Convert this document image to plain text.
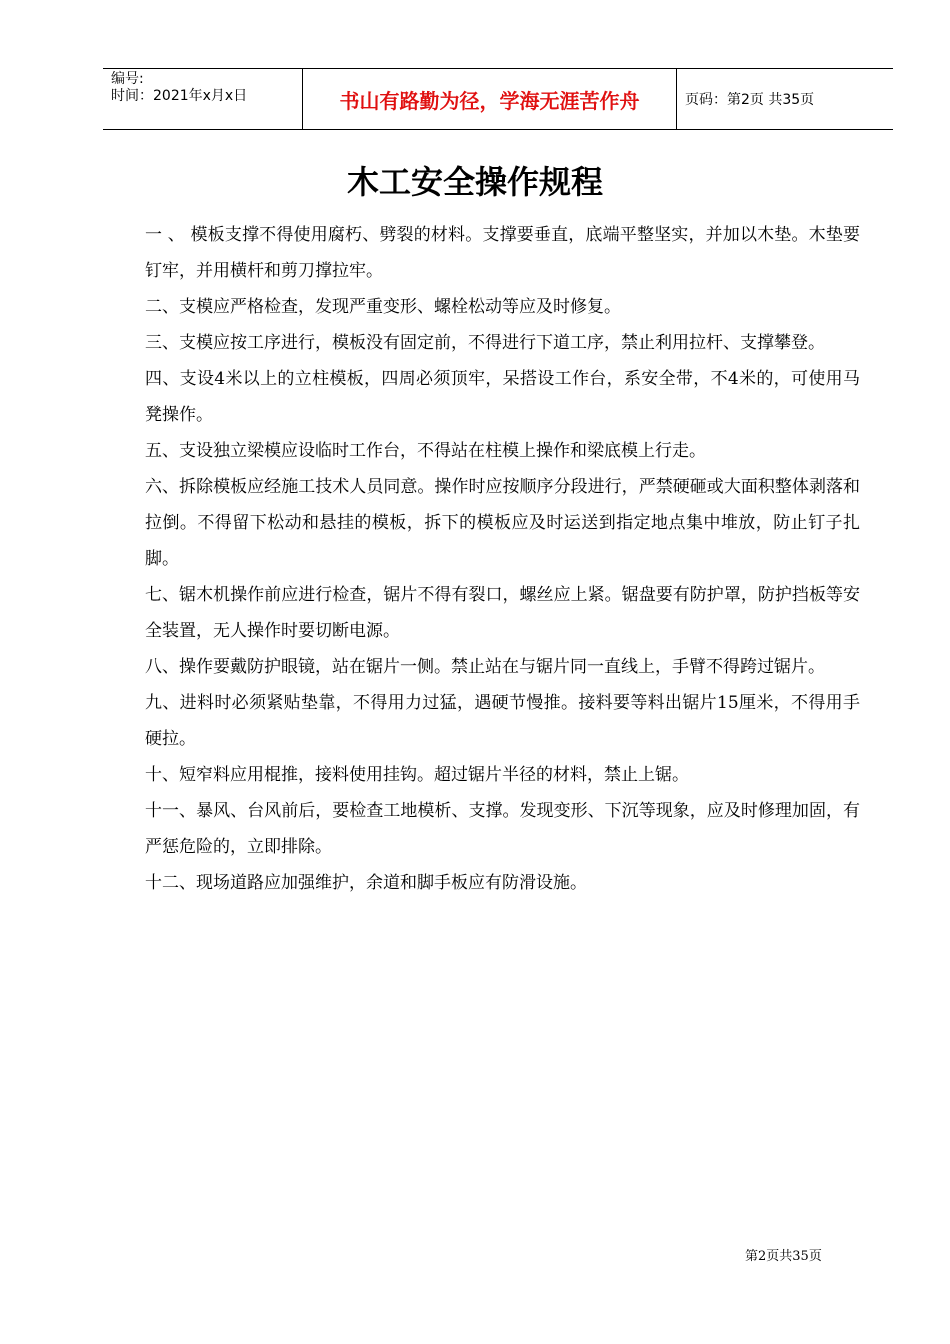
编号:
时间：2021年x月x日	书山有路勤为径，学海无涯苦作舟	页码：第2页 共35页
木工安全操作规程

一 、 模板支撑不得使用腐朽、劈裂的材料。支撑要垂直，底端平整坚实，并加以木垫。木垫要钉牢，并用横杆和剪刀撑拉牢。

二、支模应严格检查，发现严重变形、螺栓松动等应及时修复。

三、支模应按工序进行，模板没有固定前，不得进行下道工序，禁止利用拉杆、支撑攀登。

四、支设4米以上的立柱模板，四周必须顶牢，呆搭设工作台，系安全带，不4米的，可使用马凳操作。

五、支设独立梁模应设临时工作台，不得站在柱模上操作和梁底模上行走。

六、拆除模板应经施工技术人员同意。操作时应按顺序分段进行，严禁硬砸或大面积整体剥落和拉倒。不得留下松动和悬挂的模板，拆下的模板应及时运送到指定地点集中堆放，防止钉子扎脚。

七、锯木机操作前应进行检查，锯片不得有裂口，螺丝应上紧。锯盘要有防护罩，防护挡板等安全装置，无人操作时要切断电源。

八、操作要戴防护眼镜，站在锯片一侧。禁止站在与锯片同一直线上，手臂不得跨过锯片。

九、进料时必须紧贴垫靠，不得用力过猛，遇硬节慢推。接料要等料出锯片15厘米，不得用手硬拉。

十、短窄料应用棍推，接料使用挂钩。超过锯片半径的材料，禁止上锯。

十一、暴风、台风前后，要检查工地模析、支撑。发现变形、下沉等现象，应及时修理加固，有严惩危险的，立即排除。

十二、现场道路应加强维护，余道和脚手板应有防滑设施。

第2页共35页
